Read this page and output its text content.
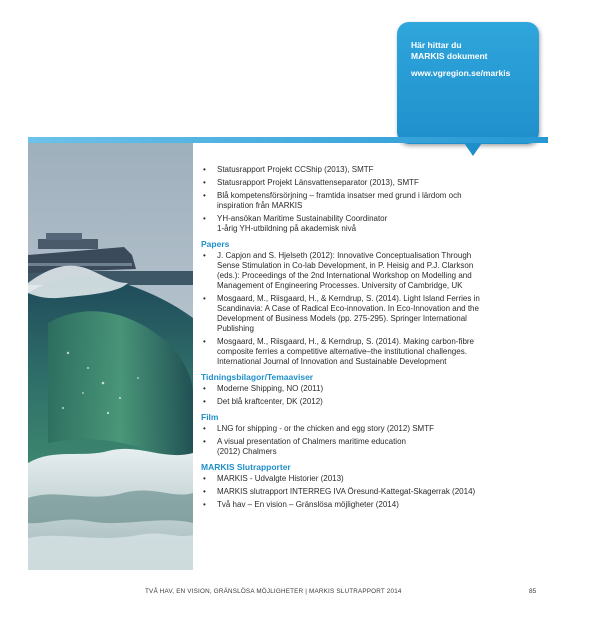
Här hittar du
MARKIS dokument
www.vgregion.se/markis
• Statusrapport Projekt CCShip (2013), SMTF
• Statusrapport Projekt Länsvattenseparator (2013), SMTF
• Blå kompetensförsörjning – framtida insatser med grund i lärdom och
inspiration från MARKIS
• YH-ansökan Maritime Sustainability Coordinator
1-årig YH-utbildning på akademisk nivå
Papers
• J. Capjon and S. Hjelseth (2012): Innovative Conceptualisation Through
Sense Stimulation in Co-lab Development, in P. Heisig and P.J. Clarkson
(eds.): Proceedings of the 2nd International Workshop on Modelling and
Management of Engineering Processes. University of Cambridge, UK
• Mosgaard, M., Riisgaard, H., & Kerndrup, S. (2014). Light Island Ferries in
Scandinavia: A Case of Radical Eco-innovation. In Eco-Innovation and the
Development of Business Models (pp. 275-295). Springer International
Publishing
• Mosgaard, M., Riisgaard, H., & Kerndrup, S. (2014). Making carbon-fibre
composite ferries a competitive alternative–the institutional challenges.
International Journal of Innovation and Sustainable Development
Tidningsbilagor/Temaaviser
• Moderne Shipping, NO (2011)
• Det blå kraftcenter, DK (2012)
Film
• LNG for shipping - or the chicken and egg story (2012) SMTF
• A visual presentation of Chalmers maritime education
(2012) Chalmers
MARKIS Slutrapporter
• MARKIS - Udvalgte Historier (2013)
• MARKIS slutrapport INTERREG IVA Öresund-Kattegat-Skagerrak (2014)
• Två hav – En vision – Gränslösa möjligheter (2014)
TVÅ HAV, EN VISION, GRÄNSLÖSA MÖJLIGHETER | MARKIS SLUTRAPPORT 2014	85
